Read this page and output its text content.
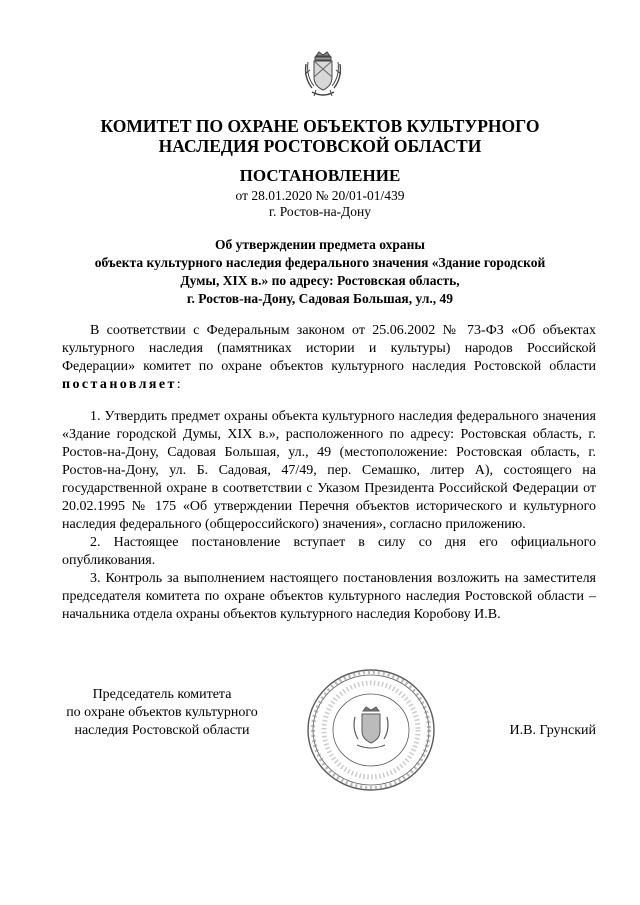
КОМИТЕТ ПО ОХРАНЕ ОБЪЕКТОВ КУЛЬТУРНОГО
НАСЛЕДИЯ РОСТОВСКОЙ ОБЛАСТИ
ПОСТАНОВЛЕНИЕ
от 28.01.2020 № 20/01-01/439
г. Ростов-на-Дону
Об утверждении предмета охраны
объекта культурного наследия федерального значения «Здание городской
Думы, XIX в.» по адресу: Ростовская область,
г. Ростов-на-Дону, Садовая Большая, ул., 49

В соответствии с Федеральным законом от 25.06.2002 № 73-ФЗ «Об объектах культурного наследия (памятниках истории и культуры) народов Российской Федерации» комитет по охране объектов культурного наследия Ростовской области постановляет:

1. Утвердить предмет охраны объекта культурного наследия федерального значения «Здание городской Думы, XIX в.», расположенного по адресу: Ростовская область, г. Ростов-на-Дону, Садовая Большая, ул., 49 (местоположение: Ростовская область, г. Ростов-на-Дону, ул. Б. Садовая, 47/49, пер. Семашко, литер А), состоящего на государственной охране в соответствии с Указом Президента Российской Федерации от 20.02.1995 № 175 «Об утверждении Перечня объектов исторического и культурного наследия федерального (общероссийского) значения», согласно приложению.

2. Настоящее постановление вступает в силу со дня его официального опубликования.

3. Контроль за выполнением настоящего постановления возложить на заместителя председателя комитета по охране объектов культурного наследия Ростовской области – начальника отдела охраны объектов культурного наследия Коробову И.В.

Председатель комитета
по охране объектов культурного
наследия Ростовской области	И.В. Грунский
